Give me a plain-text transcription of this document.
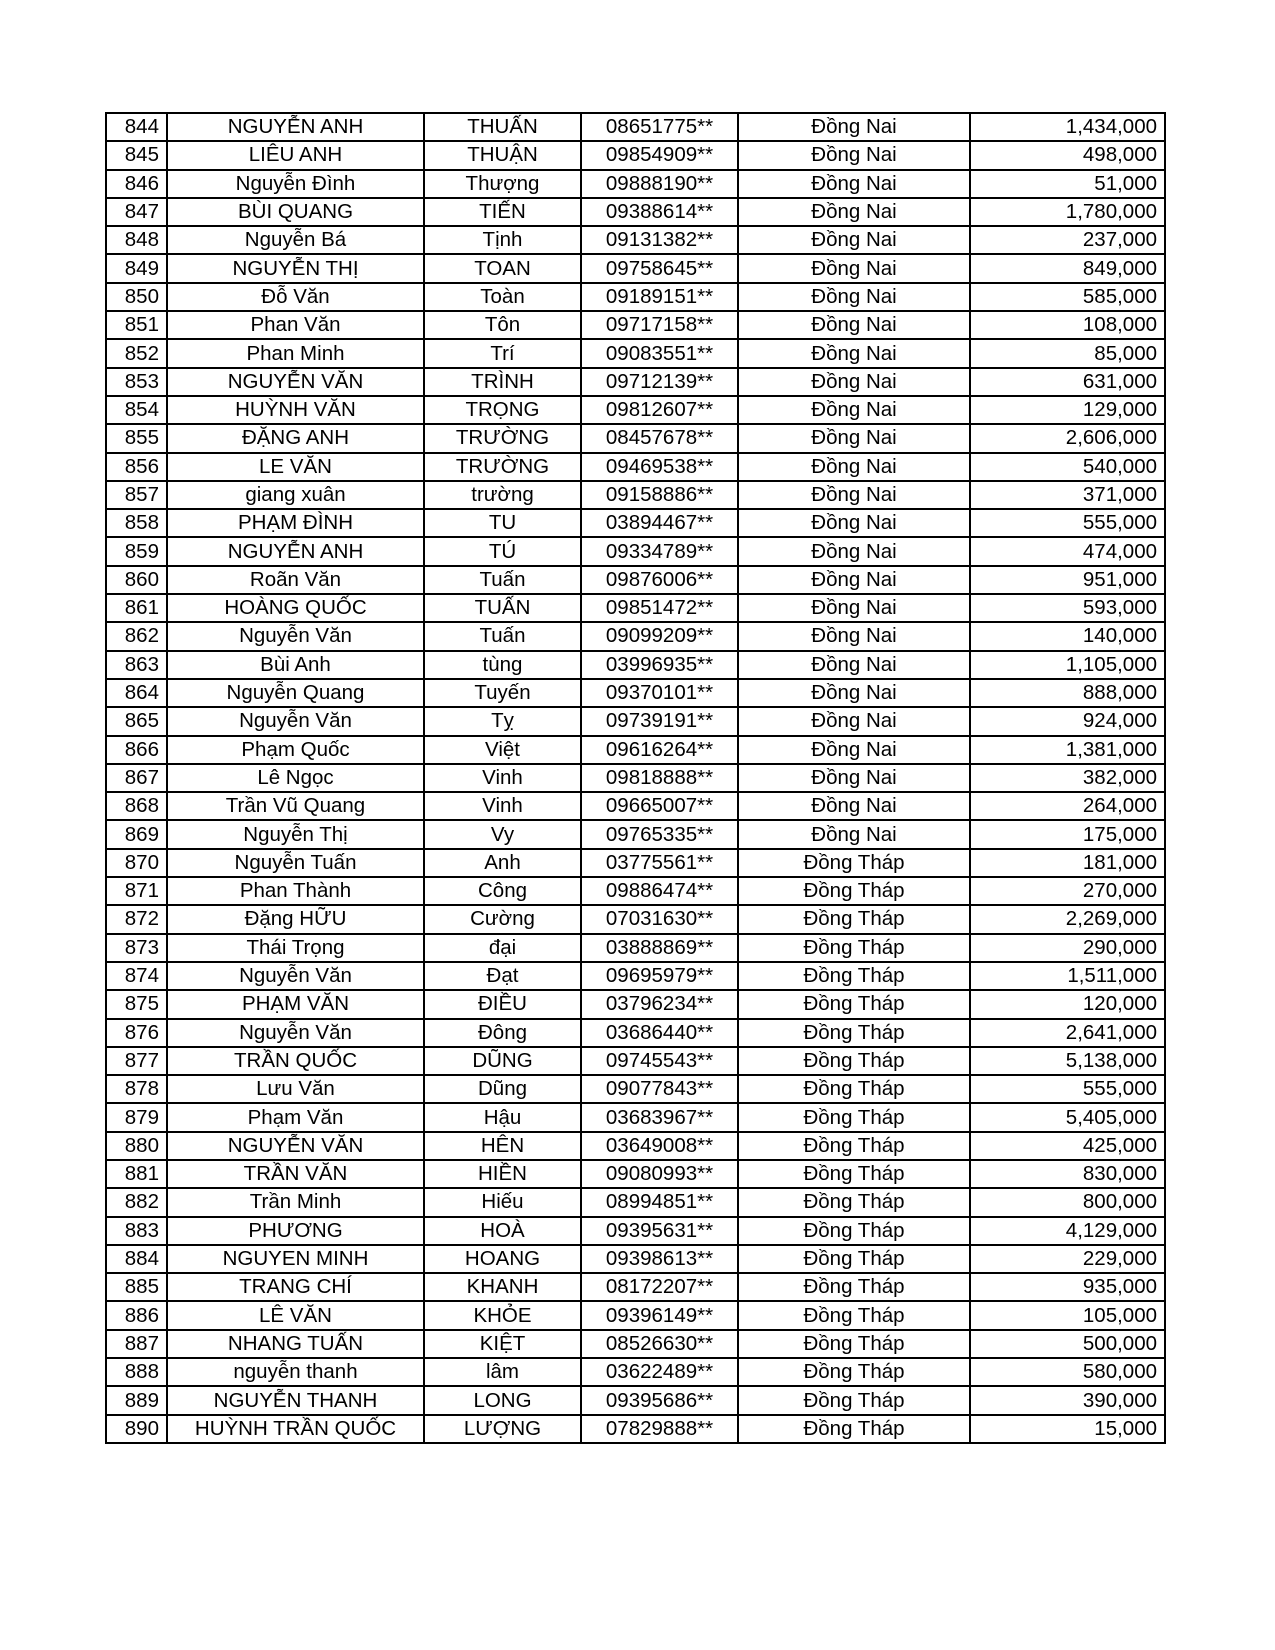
844	NGUYỄN ANH	THUẤN	08651775**	Đồng Nai	1,434,000
845	LIÊU ANH	THUẬN	09854909**	Đồng Nai	498,000
846	Nguyễn Đình	Thượng	09888190**	Đồng Nai	51,000
847	BÙI QUANG	TIẾN	09388614**	Đồng Nai	1,780,000
848	Nguyễn Bá	Tịnh	09131382**	Đồng Nai	237,000
849	NGUYỄN THỊ	TOAN	09758645**	Đồng Nai	849,000
850	Đỗ Văn	Toàn	09189151**	Đồng Nai	585,000
851	Phan Văn	Tôn	09717158**	Đồng Nai	108,000
852	Phan Minh	Trí	09083551**	Đồng Nai	85,000
853	NGUYỄN VĂN	TRÌNH	09712139**	Đồng Nai	631,000
854	HUỲNH VĂN	TRỌNG	09812607**	Đồng Nai	129,000
855	ĐẶNG ANH	TRƯỜNG	08457678**	Đồng Nai	2,606,000
856	LE VĂN	TRƯỜNG	09469538**	Đồng Nai	540,000
857	giang xuân	trường	09158886**	Đồng Nai	371,000
858	PHẠM ĐÌNH	TU	03894467**	Đồng Nai	555,000
859	NGUYỄN ANH	TÚ	09334789**	Đồng Nai	474,000
860	Roãn Văn	Tuấn	09876006**	Đồng Nai	951,000
861	HOÀNG QUỐC	TUẤN	09851472**	Đồng Nai	593,000
862	Nguyễn Văn	Tuấn	09099209**	Đồng Nai	140,000
863	Bùi Anh	tùng	03996935**	Đồng Nai	1,105,000
864	Nguyễn Quang	Tuyến	09370101**	Đồng Nai	888,000
865	Nguyễn Văn	Tỵ	09739191**	Đồng Nai	924,000
866	Phạm Quốc	Việt	09616264**	Đồng Nai	1,381,000
867	Lê Ngọc	Vinh	09818888**	Đồng Nai	382,000
868	Trần Vũ Quang	Vinh	09665007**	Đồng Nai	264,000
869	Nguyễn Thị	Vy	09765335**	Đồng Nai	175,000
870	Nguyễn Tuấn	Anh	03775561**	Đồng Tháp	181,000
871	Phan Thành	Công	09886474**	Đồng Tháp	270,000
872	Đặng HỮU	Cường	07031630**	Đồng Tháp	2,269,000
873	Thái Trọng	đại	03888869**	Đồng Tháp	290,000
874	Nguyễn Văn	Đạt	09695979**	Đồng Tháp	1,511,000
875	PHẠM VĂN	ĐIỀU	03796234**	Đồng Tháp	120,000
876	Nguyễn Văn	Đông	03686440**	Đồng Tháp	2,641,000
877	TRẦN QUỐC	DŨNG	09745543**	Đồng Tháp	5,138,000
878	Lưu Văn	Dũng	09077843**	Đồng Tháp	555,000
879	Phạm Văn	Hậu	03683967**	Đồng Tháp	5,405,000
880	NGUYỄN VĂN	HÊN	03649008**	Đồng Tháp	425,000
881	TRẦN VĂN	HIỀN	09080993**	Đồng Tháp	830,000
882	Trần Minh	Hiếu	08994851**	Đồng Tháp	800,000
883	PHƯƠNG	HOÀ	09395631**	Đồng Tháp	4,129,000
884	NGUYEN MINH	HOANG	09398613**	Đồng Tháp	229,000
885	TRANG CHÍ	KHANH	08172207**	Đồng Tháp	935,000
886	LÊ VĂN	KHỎE	09396149**	Đồng Tháp	105,000
887	NHANG TUẤN	KIỆT	08526630**	Đồng Tháp	500,000
888	nguyễn thanh	lâm	03622489**	Đồng Tháp	580,000
889	NGUYỄN THANH	LONG	09395686**	Đồng Tháp	390,000
890	HUỲNH TRẦN QUỐC	LƯỢNG	07829888**	Đồng Tháp	15,000
